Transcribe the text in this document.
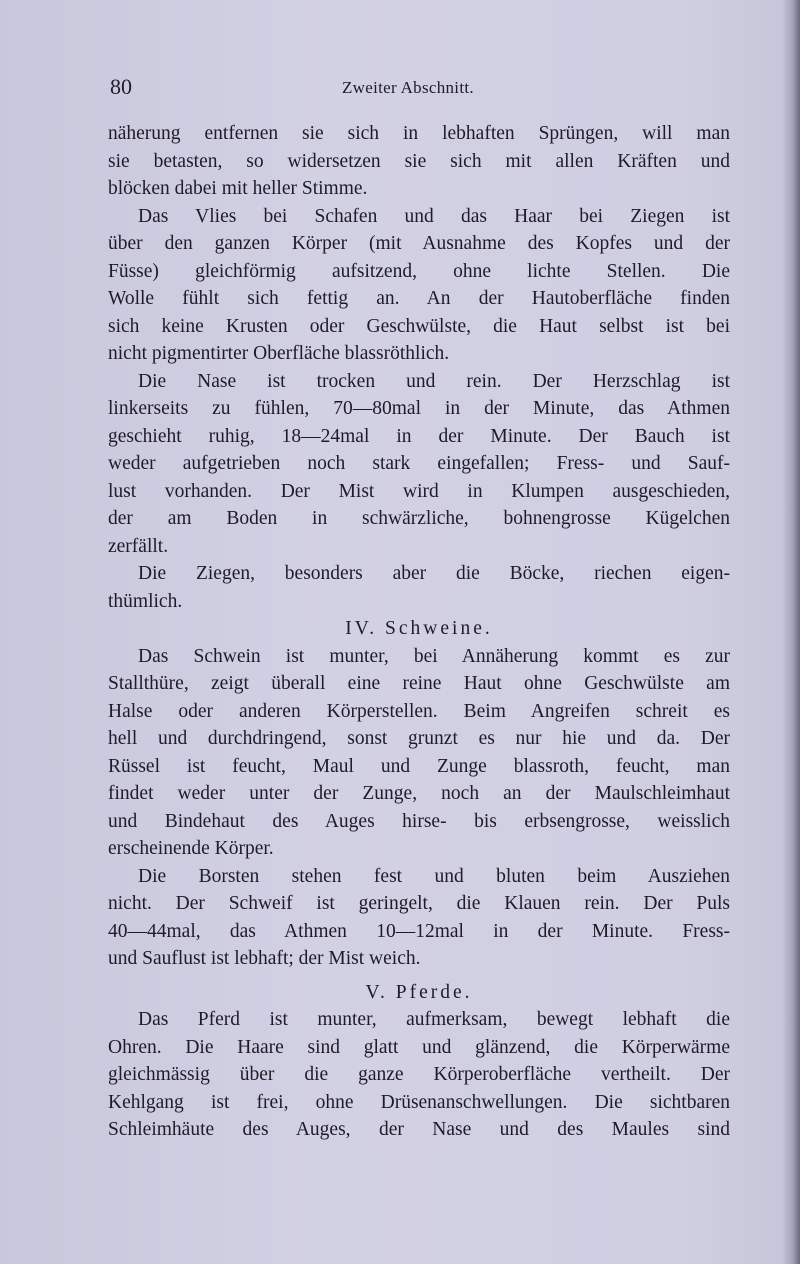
80	Zweiter Abschnitt.
näherung entfernen sie sich in lebhaften Sprüngen, will man
sie betasten, so widersetzen sie sich mit allen Kräften und
blöcken dabei mit heller Stimme.
Das Vlies bei Schafen und das Haar bei Ziegen ist
über den ganzen Körper (mit Ausnahme des Kopfes und der
Füsse) gleichförmig aufsitzend, ohne lichte Stellen. Die
Wolle fühlt sich fettig an. An der Hautoberfläche finden
sich keine Krusten oder Geschwülste, die Haut selbst ist bei
nicht pigmentirter Oberfläche blassröthlich.
Die Nase ist trocken und rein. Der Herzschlag ist
linkerseits zu fühlen, 70—80mal in der Minute, das Athmen
geschieht ruhig, 18—24mal in der Minute. Der Bauch ist
weder aufgetrieben noch stark eingefallen; Fress- und Sauf-
lust vorhanden. Der Mist wird in Klumpen ausgeschieden,
der am Boden in schwärzliche, bohnengrosse Kügelchen
zerfällt.
Die Ziegen, besonders aber die Böcke, riechen eigen-
thümlich.
IV. Schweine.
Das Schwein ist munter, bei Annäherung kommt es zur
Stallthüre, zeigt überall eine reine Haut ohne Geschwülste am
Halse oder anderen Körperstellen. Beim Angreifen schreit es
hell und durchdringend, sonst grunzt es nur hie und da. Der
Rüssel ist feucht, Maul und Zunge blassroth, feucht, man
findet weder unter der Zunge, noch an der Maulschleimhaut
und Bindehaut des Auges hirse- bis erbsengrosse, weisslich
erscheinende Körper.
Die Borsten stehen fest und bluten beim Ausziehen
nicht. Der Schweif ist geringelt, die Klauen rein. Der Puls
40—44mal, das Athmen 10—12mal in der Minute. Fress-
und Sauflust ist lebhaft; der Mist weich.
V. Pferde.
Das Pferd ist munter, aufmerksam, bewegt lebhaft die
Ohren. Die Haare sind glatt und glänzend, die Körperwärme
gleichmässig über die ganze Körperoberfläche vertheilt. Der
Kehlgang ist frei, ohne Drüsenanschwellungen. Die sichtbaren
Schleimhäute des Auges, der Nase und des Maules sind
